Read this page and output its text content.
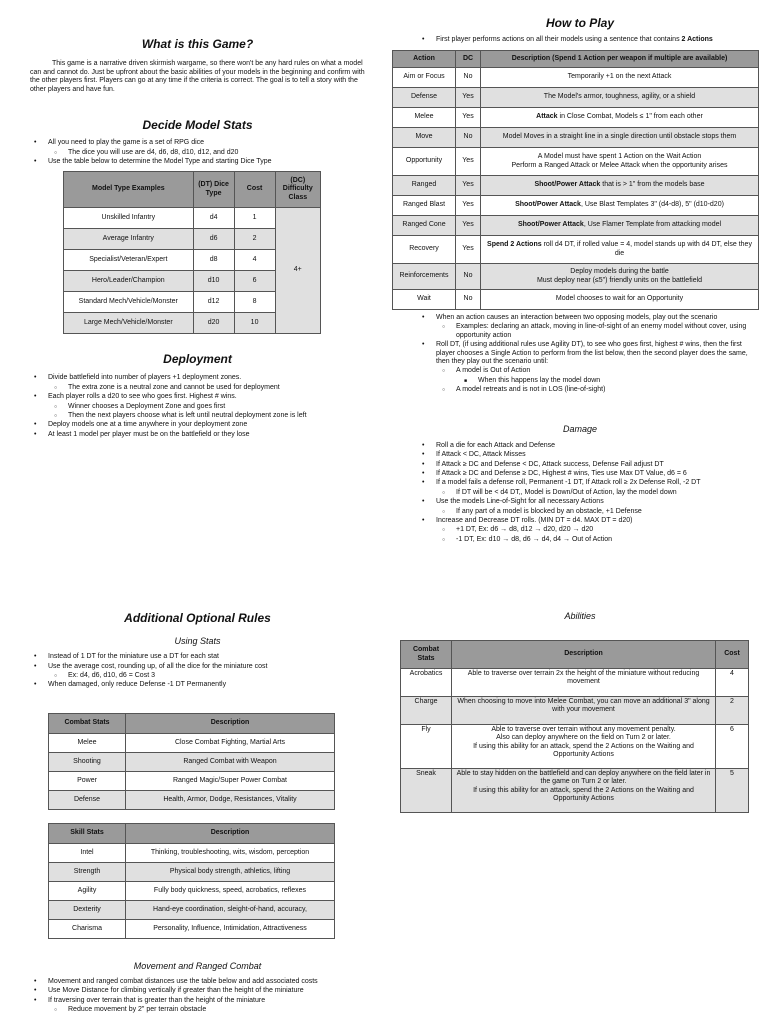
What is this Game?

This game is a narrative driven skirmish wargame, so there won't be any hard rules on what a model can and cannot do. Just be upfront about the basic abilities of your models in the beginning and confirm with the other players first. Players can go at any time if the criteria is correct. The goal is to tell a story with the other players and have fun.

Decide Model Stats
• All you need to play the game is a set of RPG dice
○ The dice you will use are d4, d6, d8, d10, d12, and d20
• Use the table below to determine the Model Type and starting Dice Type
Model Type Examples	(DT) Dice Type	Cost	(DC) Difficulty Class
Unskilled Infantry	d4	1	4+
Average Infantry	d6	2	
Specialist/Veteran/Expert	d8	4	
Hero/Leader/Champion	d10	6	
Standard Mech/Vehicle/Monster	d12	8	
Large Mech/Vehicle/Monster	d20	10	
Deployment
• Divide battlefield into number of players +1 deployment zones.
○ The extra zone is a neutral zone and cannot be used for deployment
• Each player rolls a d20 to see who goes first. Highest # wins.
○ Winner chooses a Deployment Zone and goes first
○ Then the next players choose what is left until neutral deployment zone is left
• Deploy models one at a time anywhere in your deployment zone
• At least 1 model per player must be on the battlefield or they lose
How to Play
• First player performs actions on all their models using a sentence that contains 2 Actions
Action	DC	Description (Spend 1 Action per weapon if multiple are available)
Aim or Focus	No	Temporarily +1 on the next Attack
Defense	Yes	The Model's armor, toughness, agility, or a shield
Melee	Yes	Attack in Close Combat, Models ≤ 1" from each other
Move	No	Model Moves in a straight line in a single direction until obstacle stops them
Opportunity	Yes	A Model must have spent 1 Action on the Wait Action
Perform a Ranged Attack or Melee Attack when the opportunity arises
Ranged	Yes	Shoot/Power Attack that is > 1" from the models base
Ranged Blast	Yes	Shoot/Power Attack, Use Blast Templates 3" (d4-d8), 5" (d10-d20)
Ranged Cone	Yes	Shoot/Power Attack, Use Flamer Template from attacking model
Recovery	Yes	Spend 2 Actions roll d4 DT, if rolled value = 4, model stands up with d4 DT, else they die
Reinforcements	No	Deploy models during the battle
Must deploy near (≤5") friendly units on the battlefield
Wait	No	Model chooses to wait for an Opportunity
• When an action causes an interaction between two opposing models, play out the scenario
○ Examples: declaring an attack, moving in line-of-sight of an enemy model without cover, using opportunity action
• Roll DT, (if using additional rules use Agility DT), to see who goes first, highest # wins, then the first player chooses a Single Action to perform from the list below, then the second player does the same, then they play out the scenario until:
○ A model is Out of Action
■ When this happens lay the model down
○ A model retreats and is not in LOS (line-of-sight)
Damage
• Roll a die for each Attack and Defense
• If Attack < DC, Attack Misses
• If Attack ≥ DC and Defense < DC, Attack success, Defense Fail adjust DT
• If Attack ≥ DC and Defense ≥ DC, Highest # wins, Ties use Max DT Value, d6 = 6
• If a model fails a defense roll, Permanent -1 DT, If Attack roll ≥ 2x Defense Roll, -2 DT
○ If DT will be < d4 DT,, Model is Down/Out of Action, lay the model down
• Use the models Line-of-Sight for all necessary Actions
○ If any part of a model is blocked by an obstacle, +1 Defense
• Increase and Decrease DT rolls. (MIN DT = d4. MAX DT = d20)
○ +1 DT, Ex: d6 → d8, d12 → d20, d20 → d20
○ -1 DT, Ex: d10 → d8, d6 → d4, d4 → Out of Action
Additional Optional Rules
Using Stats
• Instead of 1 DT for the miniature use a DT for each stat
• Use the average cost, rounding up, of all the dice for the miniature cost
○ Ex: d4, d6, d10, d6 = Cost 3
• When damaged, only reduce Defense -1 DT Permanently
Combat Stats	Description
Melee	Close Combat Fighting, Martial Arts
Shooting	Ranged Combat with Weapon
Power	Ranged Magic/Super Power Combat
Defense	Health, Armor, Dodge, Resistances, Vitality
Skill Stats	Description
Intel	Thinking, troubleshooting, wits, wisdom, perception
Strength	Physical body strength, athletics, lifting
Agility	Fully body quickness, speed, acrobatics, reflexes
Dexterity	Hand-eye coordination, sleight-of-hand, accuracy,
Charisma	Personality, Influence, Intimidation, Attractiveness
Movement and Ranged Combat
• Movement and ranged combat distances use the table below and add associated costs
• Use Move Distance for climbing vertically if greater than the height of the miniature
• If traversing over terrain that is greater than the height of the miniature
○ Reduce movement by 2" per terrain obstacle
Abilities
Combat Stats	Description	Cost
Acrobatics	Able to traverse over terrain 2x the height of the miniature without reducing movement	4
Charge	When choosing to move into Melee Combat, you can move an additional 3" along with your movement	2
Fly	Able to traverse over terrain without any movement penalty.
Also can deploy anywhere on the field on Turn 2 or later.
If using this ability for an attack, spend the 2 Actions on the Waiting and Opportunity Actions	6
Sneak	Able to stay hidden on the battlefield and can deploy anywhere on the field later in the game on Turn 2 or later.
If using this ability for an attack, spend the 2 Actions on the Waiting and Opportunity Actions	5
